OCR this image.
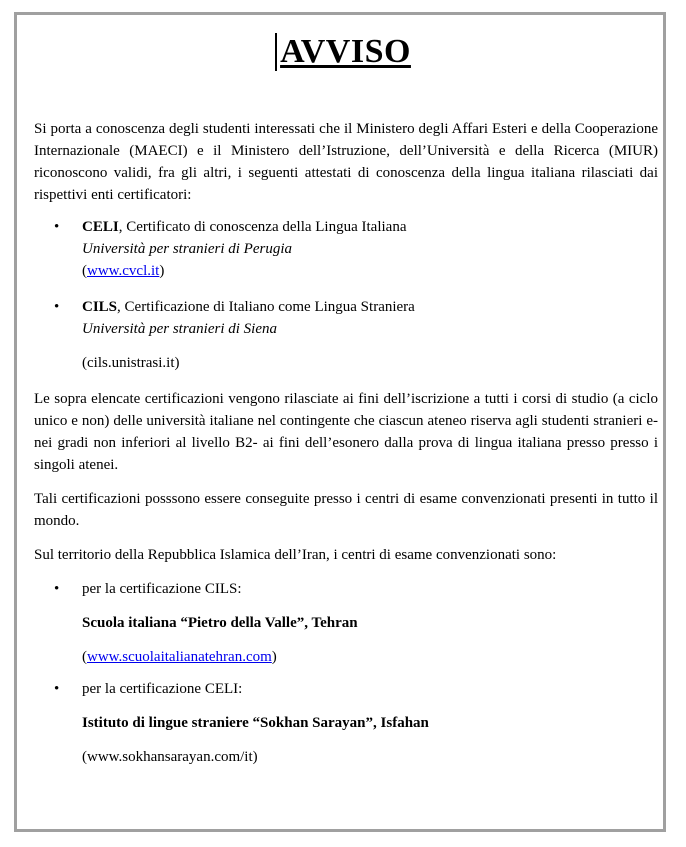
AVVISO

Si porta a conoscenza degli studenti interessati che il Ministero degli Affari Esteri e della Cooperazione Internazionale (MAECI) e il Ministero dell’Istruzione, dell’Università e della Ricerca (MIUR) riconoscono validi, fra gli altri, i seguenti attestati di conoscenza della lingua italiana rilasciati dai rispettivi enti certificatori:

• CELI, Certificato di conoscenza della Lingua Italiana
Università per stranieri di Perugia
(www.cvcl.it)
• CILS, Certificazione di Italiano come Lingua Straniera
Università per stranieri di Siena
(cils.unistrasi.it)

Le sopra elencate certificazioni vengono rilasciate ai fini dell’iscrizione a tutti i corsi di studio (a ciclo unico e non) delle università italiane nel contingente che ciascun ateneo riserva agli studenti stranieri e- nei gradi non inferiori al livello B2- ai fini dell’esonero dalla prova di lingua italiana presso presso i singoli atenei.

Tali certificazioni posssono essere conseguite presso i centri di esame convenzionati presenti in tutto il mondo.

Sul territorio della Repubblica Islamica dell’Iran, i centri di esame convenzionati sono:

• per la certificazione CILS:
Scuola italiana “Pietro della Valle”, Tehran
(www.scuolaitalianatehran.com)
• per la certificazione CELI:
Istituto di lingue straniere “Sokhan Sarayan”, Isfahan
(www.sokhansarayan.com/it)
